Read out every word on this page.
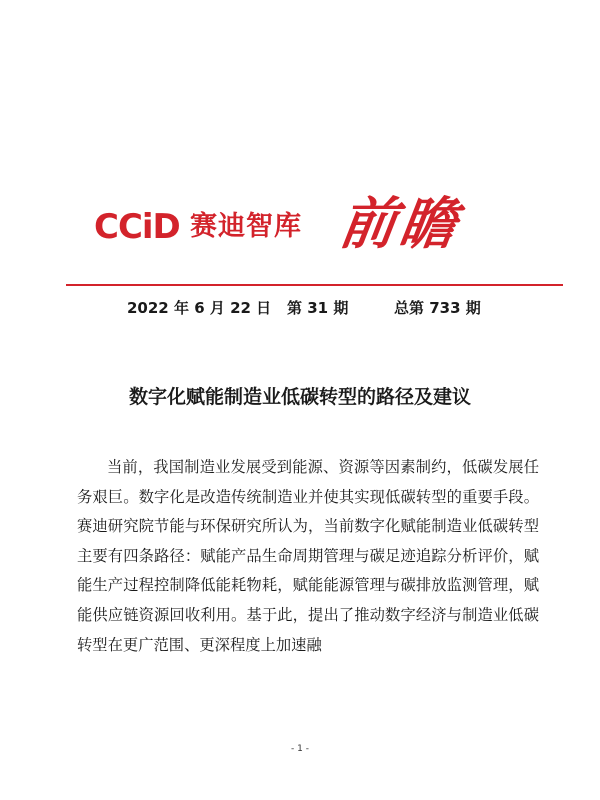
CCiD 赛迪智库 前瞻
2022 年 6 月 22 日 第 31 期	总第 733 期
数字化赋能制造业低碳转型的路径及建议

当前，我国制造业发展受到能源、资源等因素制约，低碳发展任务艰巨。数字化是改造传统制造业并使其实现低碳转型的重要手段。赛迪研究院节能与环保研究所认为，当前数字化赋能制造业低碳转型主要有四条路径：赋能产品生命周期管理与碳足迹追踪分析评价，赋能生产过程控制降低能耗物耗，赋能能源管理与碳排放监测管理，赋能供应链资源回收利用。基于此，提出了推动数字经济与制造业低碳转型在更广范围、更深程度上加速融

- 1 -
